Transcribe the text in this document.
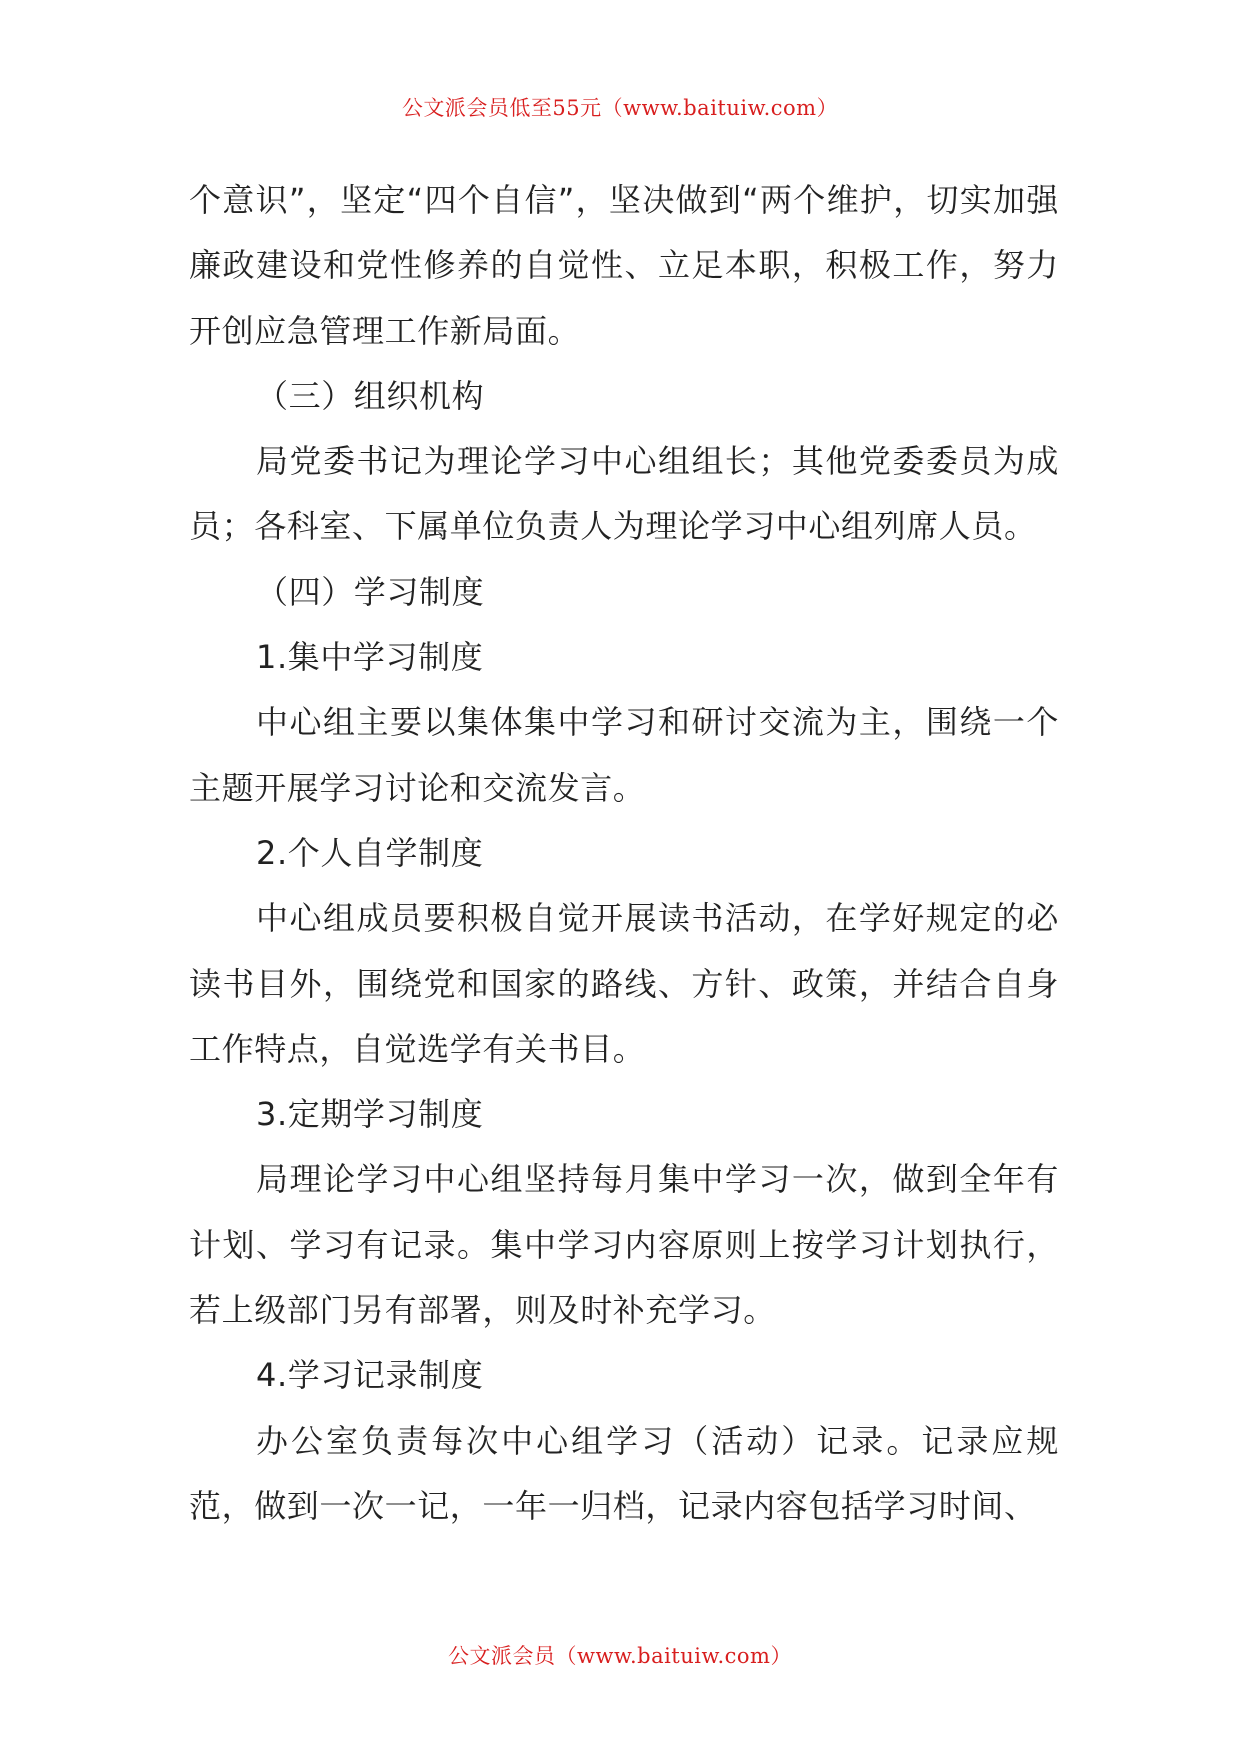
公文派会员低至55元（www.baituiw.com）

个意识”，坚定“四个自信”，坚决做到“两个维护，切实加强廉政建设和党性修养的自觉性、立足本职，积极工作，努力开创应急管理工作新局面。

（三）组织机构

局党委书记为理论学习中心组组长；其他党委委员为成员；各科室、下属单位负责人为理论学习中心组列席人员。

（四）学习制度

1.集中学习制度

中心组主要以集体集中学习和研讨交流为主，围绕一个主题开展学习讨论和交流发言。

2.个人自学制度

中心组成员要积极自觉开展读书活动，在学好规定的必读书目外，围绕党和国家的路线、方针、政策，并结合自身工作特点，自觉选学有关书目。

3.定期学习制度

局理论学习中心组坚持每月集中学习一次，做到全年有计划、学习有记录。集中学习内容原则上按学习计划执行，若上级部门另有部署，则及时补充学习。

4.学习记录制度

办公室负责每次中心组学习（活动）记录。记录应规范，做到一次一记，一年一归档，记录内容包括学习时间、

公文派会员（www.baituiw.com）
